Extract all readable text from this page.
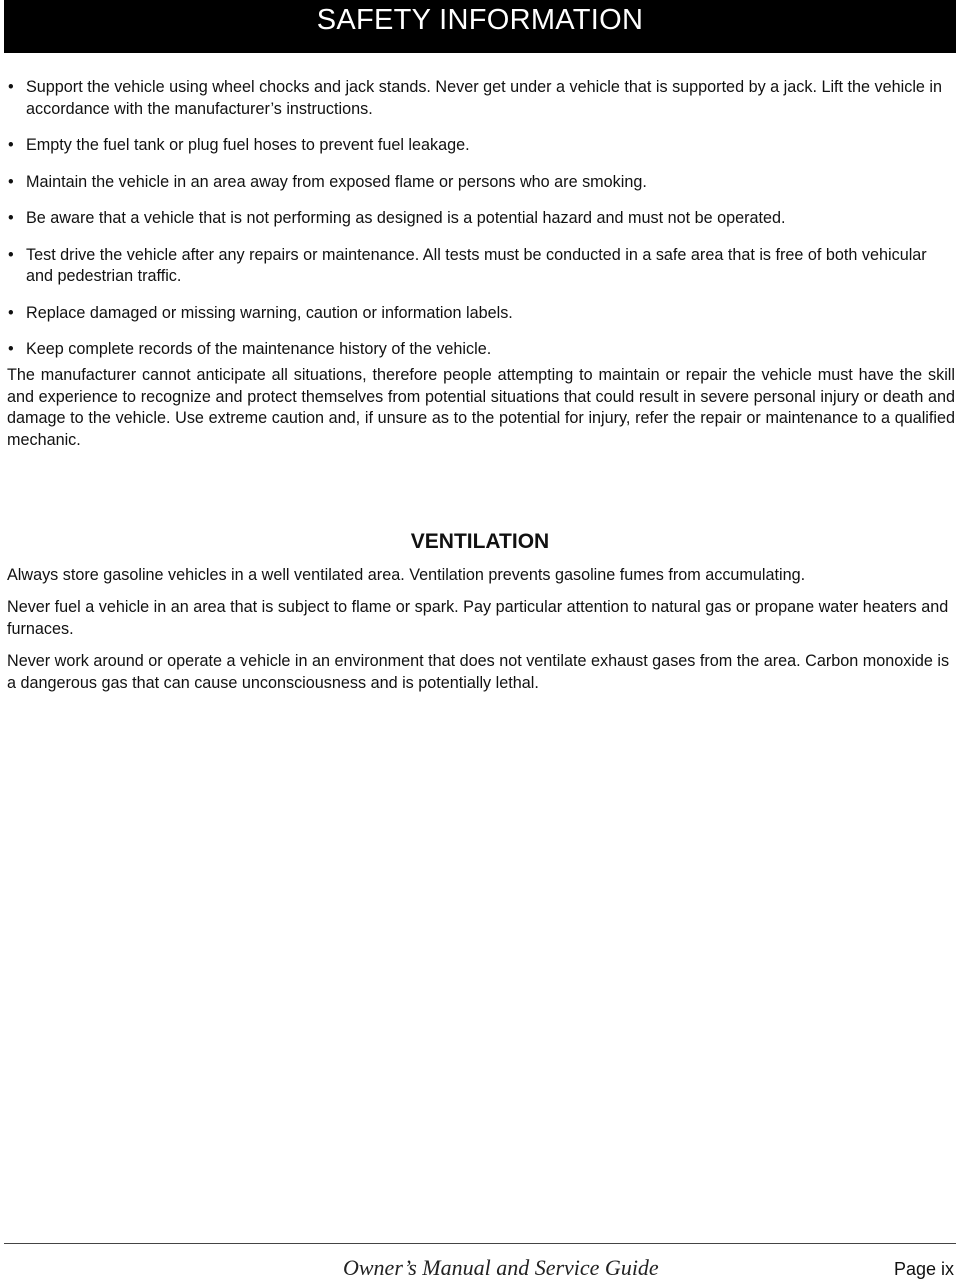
SAFETY INFORMATION
• Support the vehicle using wheel chocks and jack stands. Never get under a vehicle that is supported by a jack. Lift the vehicle in accordance with the manufacturer’s instructions.
• Empty the fuel tank or plug fuel hoses to prevent fuel leakage.
• Maintain the vehicle in an area away from exposed flame or persons who are smoking.
• Be aware that a vehicle that is not performing as designed is a potential hazard and must not be operated.
• Test drive the vehicle after any repairs or maintenance. All tests must be conducted in a safe area that is free of both vehicular and pedestrian traffic.
• Replace damaged or missing warning, caution or information labels.
• Keep complete records of the maintenance history of the vehicle.

The manufacturer cannot anticipate all situations, therefore people attempting to maintain or repair the vehicle must have the skill and experience to recognize and protect themselves from potential situations that could result in severe personal injury or death and damage to the vehicle. Use extreme caution and, if unsure as to the potential for injury, refer the repair or maintenance to a qualified mechanic.

VENTILATION

Always store gasoline vehicles in a well ventilated area. Ventilation prevents gasoline fumes from accumulating.

Never fuel a vehicle in an area that is subject to flame or spark. Pay particular attention to natural gas or propane water heaters and furnaces.

Never work around or operate a vehicle in an environment that does not ventilate exhaust gases from the area. Carbon monoxide is a dangerous gas that can cause unconsciousness and is potentially lethal.

Owner’s Manual and Service Guide	Page ix
